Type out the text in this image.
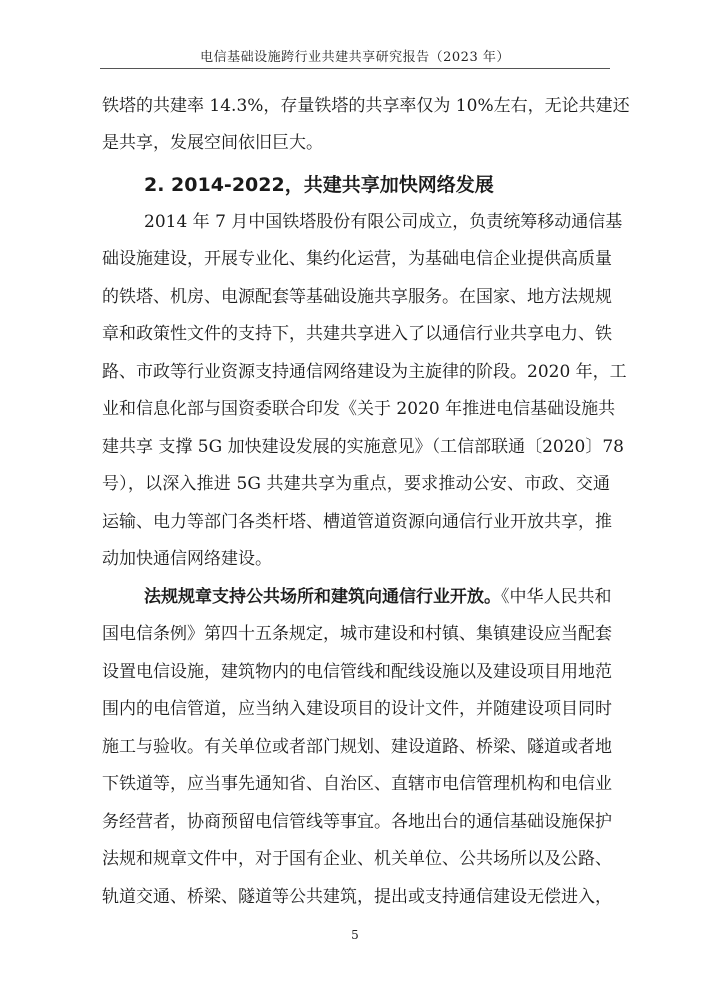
电信基础设施跨行业共建共享研究报告（2023 年）
铁塔的共建率 14.3%，存量铁塔的共享率仅为 10%左右，无论共建还
是共享，发展空间依旧巨大。
2. 2014-2022，共建共享加快网络发展
2014 年 7 月中国铁塔股份有限公司成立，负责统筹移动通信基
础设施建设，开展专业化、集约化运营，为基础电信企业提供高质量
的铁塔、机房、电源配套等基础设施共享服务。在国家、地方法规规
章和政策性文件的支持下，共建共享进入了以通信行业共享电力、铁
路、市政等行业资源支持通信网络建设为主旋律的阶段。2020 年，工
业和信息化部与国资委联合印发《关于 2020 年推进电信基础设施共
建共享 支撑 5G 加快建设发展的实施意见》（工信部联通〔2020〕78
号），以深入推进 5G 共建共享为重点，要求推动公安、市政、交通
运输、电力等部门各类杆塔、槽道管道资源向通信行业开放共享，推
动加快通信网络建设。
法规规章支持公共场所和建筑向通信行业开放。《中华人民共和
国电信条例》第四十五条规定，城市建设和村镇、集镇建设应当配套
设置电信设施，建筑物内的电信管线和配线设施以及建设项目用地范
围内的电信管道，应当纳入建设项目的设计文件，并随建设项目同时
施工与验收。有关单位或者部门规划、建设道路、桥梁、隧道或者地
下铁道等，应当事先通知省、自治区、直辖市电信管理机构和电信业
务经营者，协商预留电信管线等事宜。各地出台的通信基础设施保护
法规和规章文件中，对于国有企业、机关单位、公共场所以及公路、
轨道交通、桥梁、隧道等公共建筑，提出或支持通信建设无偿进入，
5
